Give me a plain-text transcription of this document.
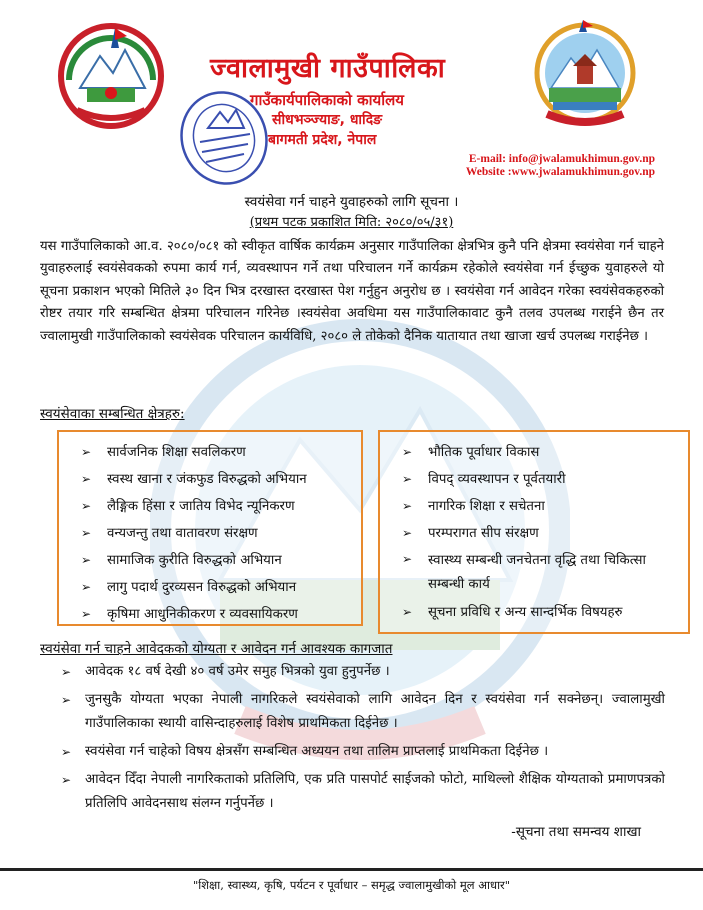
ज्वालामुखी गाउँपालिका
गाउँकार्यपालिकाको कार्यालय
सीधभञ्ज्याङ, धादिङ
बागमती प्रदेश, नेपाल
E-mail: info@jwalamukhimun.gov.np
Website :www.jwalamukhimun.gov.np
स्वयंसेवा गर्न चाहने युवाहरुको लागि सूचना ।
(प्रथम पटक प्रकाशित मिति: २०८०/०५/३१)
यस गाउँपालिकाको आ.व. २०८०/०८१ को स्वीकृत वार्षिक कार्यक्रम अनुसार गाउँपालिका क्षेत्रभित्र कुनै पनि क्षेत्रमा स्वयंसेवा गर्न चाहने युवाहरुलाई स्वयंसेवकको रुपमा कार्य गर्न, व्यवस्थापन गर्ने तथा परिचालन गर्ने कार्यक्रम रहेकोले स्वयंसेवा गर्न ईच्छुक युवाहरुले यो सूचना प्रकाशन भएको मितिले ३० दिन भित्र दरखास्त दरखास्त पेश गर्नुहुन अनुरोध छ । स्वयंसेवा गर्न आवेदन गरेका स्वयंसेवकहरुको रोष्टर तयार गरि सम्बन्धित क्षेत्रमा परिचालन गरिनेछ ।स्वयंसेवा अवधिमा यस गाउँपालिकावाट कुनै तलव उपलब्ध गराईने छैन तर ज्वालामुखी गाउँपालिकाको स्वयंसेवक परिचालन कार्यविधि, २०८० ले तोकेको दैनिक यातायात तथा खाजा खर्च उपलब्ध गराईनेछ ।
स्वयंसेवाका सम्बन्धित क्षेत्रहरु:
➢ सार्वजनिक शिक्षा सवलिकरण
➢ स्वस्थ खाना र जंकफुड विरुद्धको अभियान
➢ लैङ्गिक हिंसा र जातिय विभेद न्यूनिकरण
➢ वन्यजन्तु तथा वातावरण संरक्षण
➢ सामाजिक कुरीति विरुद्धको अभियान
➢ लागु पदार्थ दुरव्यसन विरुद्धको अभियान
➢ कृषिमा आधुनिकीकरण र व्यवसायिकरण
➢ भौतिक पूर्वाधार विकास
➢ विपद् व्यवस्थापन र पूर्वतयारी
➢ नागरिक शिक्षा र सचेतना
➢ परम्परागत सीप संरक्षण
➢ स्वास्थ्य सम्बन्धी जनचेतना वृद्धि तथा चिकित्सा सम्बन्धी कार्य
➢ सूचना प्रविधि र अन्य सान्दर्भिक विषयहरु
स्वयंसेवा गर्न चाहने आवेदकको योग्यता र आवेदन गर्न आवश्यक कागजात
➢ आवेदक १८ वर्ष देखी ४० वर्ष उमेर समुह भित्रको युवा हुनुपर्नेछ ।
➢ जुनसुकै योग्यता भएका नेपाली नागरिकले स्वयंसेवाको लागि आवेदन दिन र स्वयंसेवा गर्न सक्नेछन्। ज्वालामुखी गाउँपालिकाका स्थायी वासिन्दाहरुलाई विशेष प्राथमिकता दिईनेछ ।
➢ स्वयंसेवा गर्न चाहेको विषय क्षेत्रसँग सम्बन्धित अध्ययन तथा तालिम प्राप्तलाई प्राथमिकता दिईनेछ ।
➢ आवेदन दिँदा नेपाली नागरिकताको प्रतिलिपि, एक प्रति पासपोर्ट साईजको फोटो, माथिल्लो शैक्षिक योग्यताको प्रमाणपत्रको प्रतिलिपि आवेदनसाथ संलग्न गर्नुपर्नेछ ।
-सूचना तथा समन्वय शाखा
"शिक्षा, स्वास्थ्य, कृषि, पर्यटन र पूर्वाधार – समृद्ध ज्वालामुखीको मूल आधार"
